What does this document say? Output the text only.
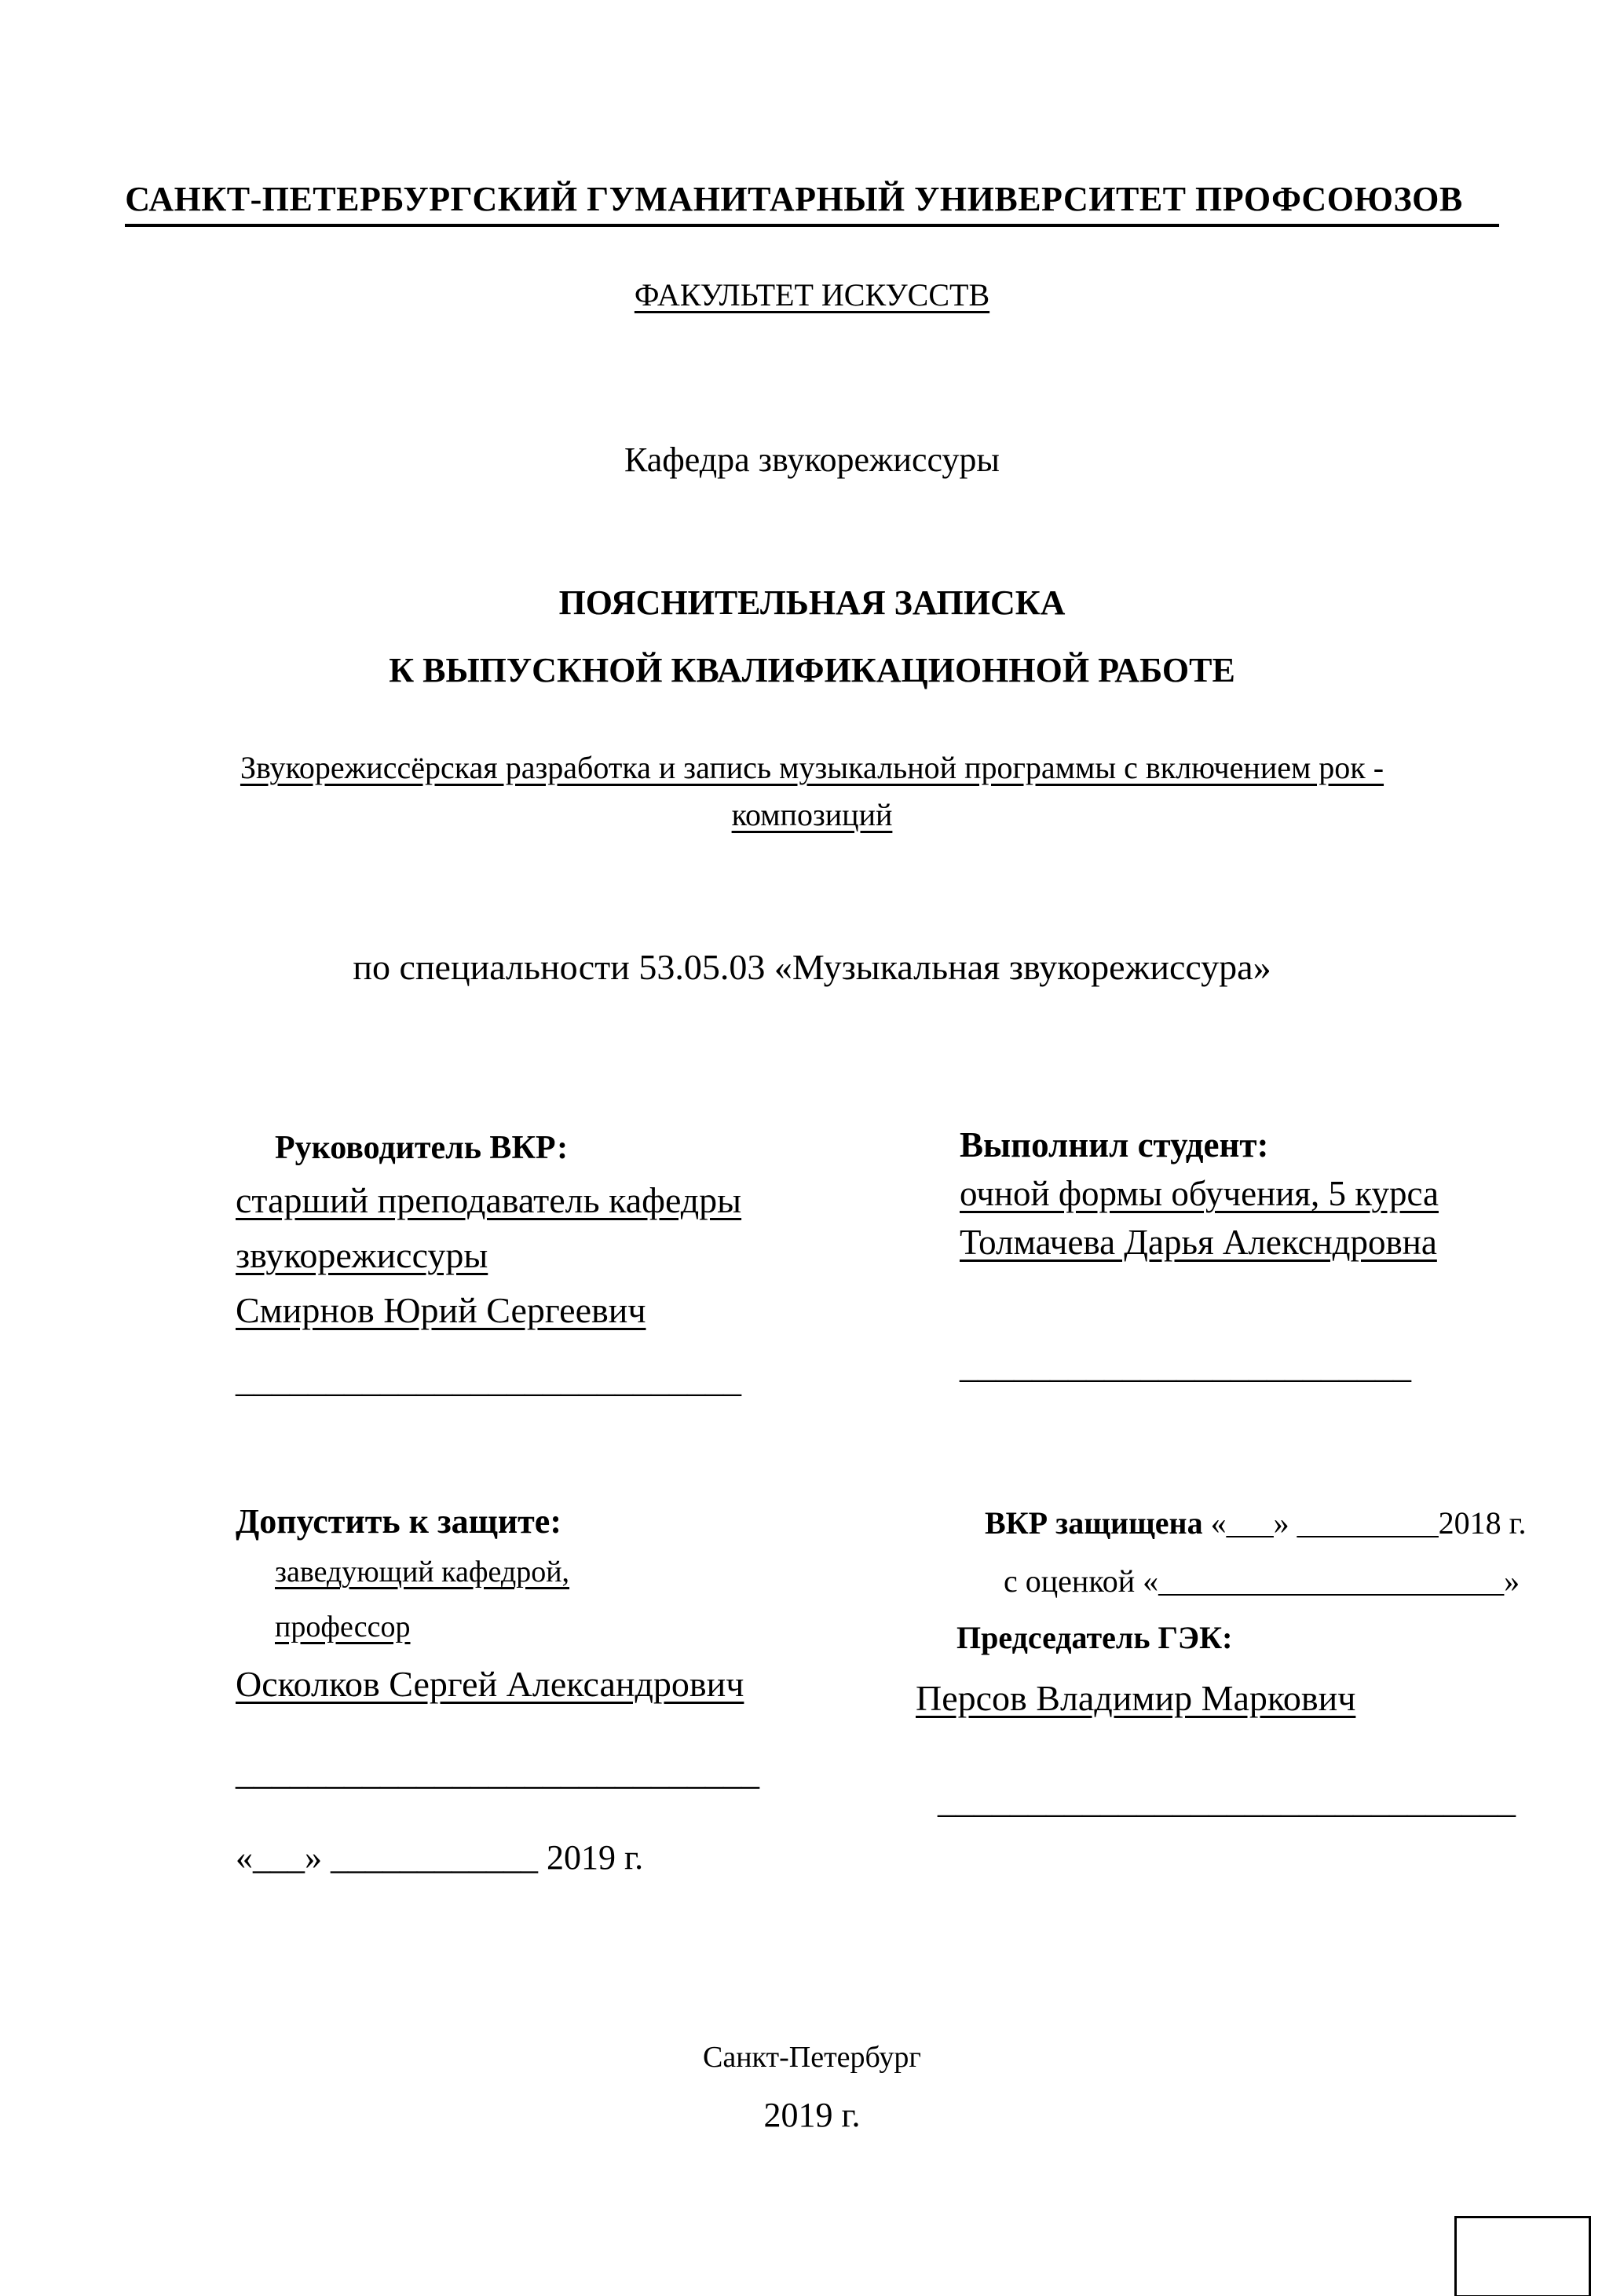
САНКТ-ПЕТЕРБУРГСКИЙ ГУМАНИТАРНЫЙ УНИВЕРСИТЕТ ПРОФСОЮЗОВ
ФАКУЛЬТЕТ ИСКУССТВ
Кафедра звукорежиссуры
ПОЯСНИТЕЛЬНАЯ ЗАПИСКА
К ВЫПУСКНОЙ КВАЛИФИКАЦИОННОЙ РАБОТЕ
Звукорежиссёрская разработка и запись музыкальной программы с включением рок - композиций
по специальности 53.05.03 «Музыкальная звукорежиссура»
Руководитель ВКР:
старший преподаватель кафедры
звукорежиссуры
Смирнов Юрий Сергеевич
____________________________
Выполнил студент:
очной формы обучения, 5 курса
Толмачева Дарья Алексндровна
_________________________
Допустить к защите:
заведующий кафедрой,
профессор
Осколков Сергей Александрович
_____________________________
«___» ____________ 2019 г.
ВКР защищена «___» _________2018 г.
с оценкой «______________________»
Председатель ГЭК:
Персов Владимир Маркович
________________________________
Санкт-Петербург
2019 г.
